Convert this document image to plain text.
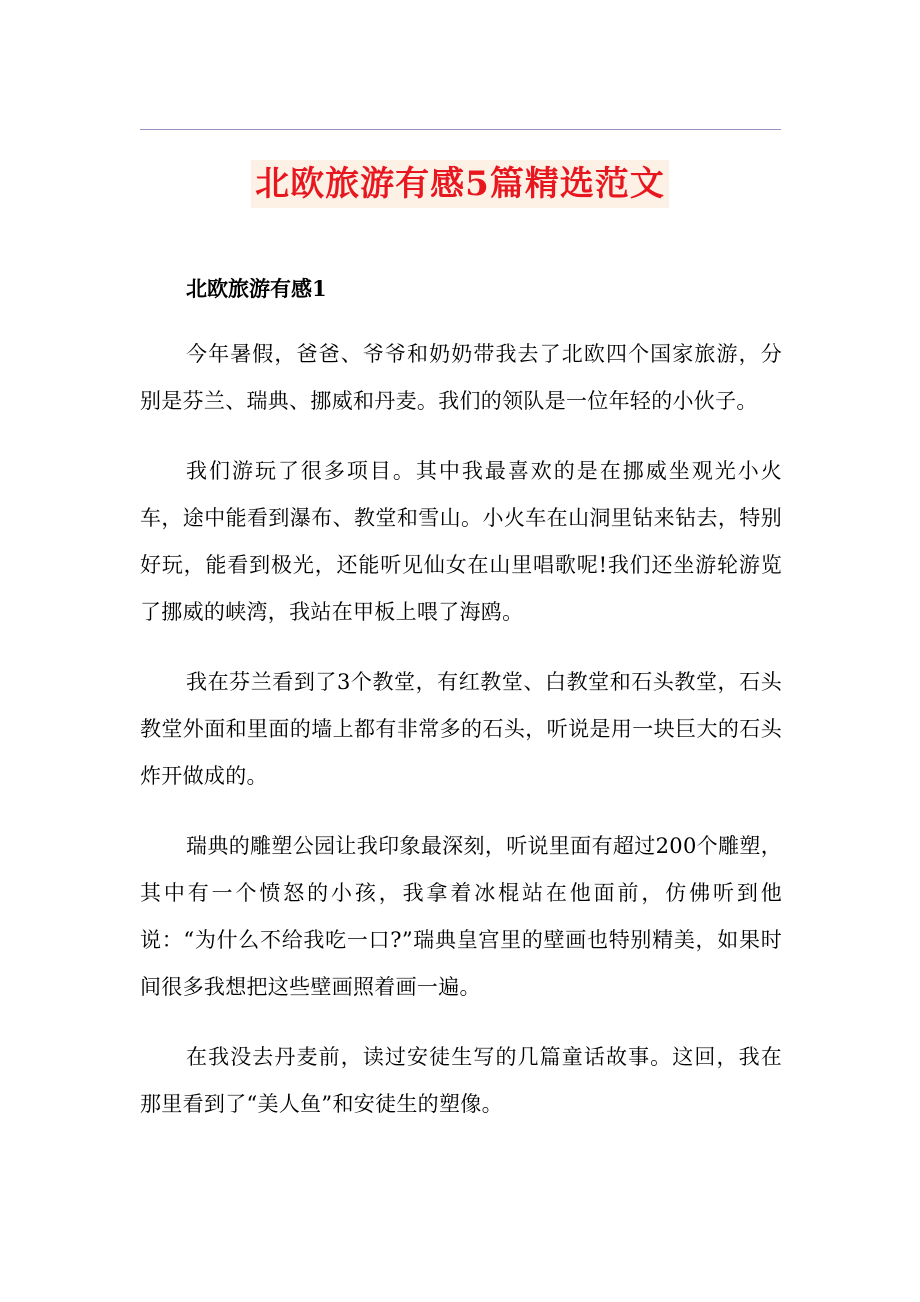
北欧旅游有感5篇精选范文
北欧旅游有感1

今年暑假，爸爸、爷爷和奶奶带我去了北欧四个国家旅游，分别是芬兰、瑞典、挪威和丹麦。我们的领队是一位年轻的小伙子。

我们游玩了很多项目。其中我最喜欢的是在挪威坐观光小火车，途中能看到瀑布、教堂和雪山。小火车在山洞里钻来钻去，特别好玩，能看到极光，还能听见仙女在山里唱歌呢!我们还坐游轮游览了挪威的峡湾，我站在甲板上喂了海鸥。

我在芬兰看到了3个教堂，有红教堂、白教堂和石头教堂，石头教堂外面和里面的墙上都有非常多的石头，听说是用一块巨大的石头炸开做成的。

瑞典的雕塑公园让我印象最深刻，听说里面有超过200个雕塑，其中有一个愤怒的小孩，我拿着冰棍站在他面前，仿佛听到他说：“为什么不给我吃一口?”瑞典皇宫里的壁画也特别精美，如果时间很多我想把这些壁画照着画一遍。

在我没去丹麦前，读过安徒生写的几篇童话故事。这回，我在那里看到了“美人鱼”和安徒生的塑像。
